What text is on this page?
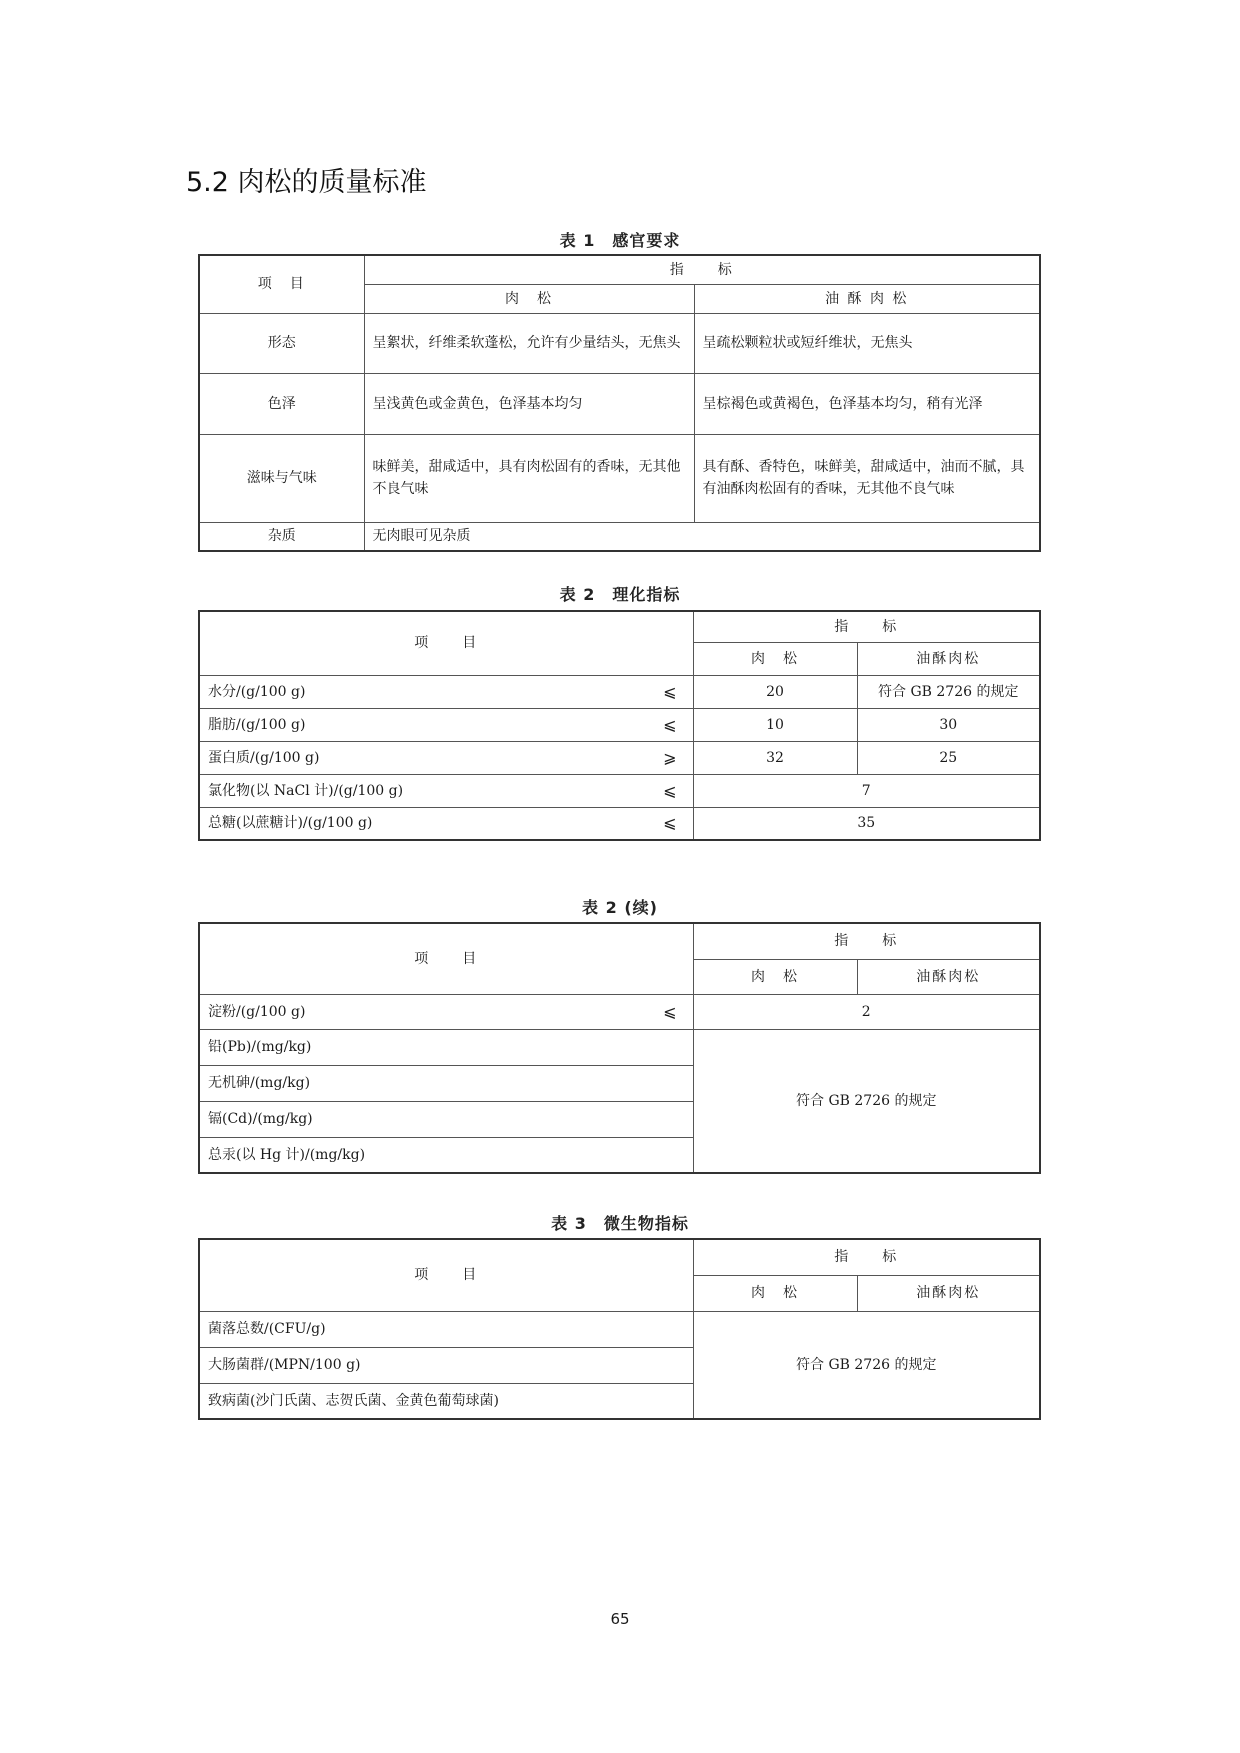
5.2 肉松的质量标准
表 1　感官要求
项　目	指　　标	
	肉　松	油 酥 肉 松
形态	呈絮状，纤维柔软蓬松，允许有少量结头，无焦头	呈疏松颗粒状或短纤维状，无焦头
色泽	呈浅黄色或金黄色，色泽基本均匀	呈棕褐色或黄褐色，色泽基本均匀，稍有光泽
滋味与气味	味鲜美，甜咸适中，具有肉松固有的香味，无其他不良气味	具有酥、香特色，味鲜美，甜咸适中，油而不腻，具有油酥肉松固有的香味，无其他不良气味
杂质	无肉眼可见杂质	
表 2　理化指标
项　　目	指　　标	
	肉　松	油酥肉松
水分/(g/100 g) ⩽	20	符合 GB 2726 的规定
脂肪/(g/100 g) ⩽	10	30
蛋白质/(g/100 g) ⩾	32	25
氯化物(以 NaCl 计)/(g/100 g) ⩽	7	
总糖(以蔗糖计)/(g/100 g) ⩽	35	
表 2 (续)
项　　目	指　　标	
	肉　松	油酥肉松
淀粉/(g/100 g) ⩽	2	
铅(Pb)/(mg/kg)	符合 GB 2726 的规定	
无机砷/(mg/kg)		
镉(Cd)/(mg/kg)		
总汞(以 Hg 计)/(mg/kg)		
表 3　微生物指标
项　　目	指　　标	
	肉　松	油酥肉松
菌落总数/(CFU/g)	符合 GB 2726 的规定	
大肠菌群/(MPN/100 g)		
致病菌(沙门氏菌、志贺氏菌、金黄色葡萄球菌)		
65
